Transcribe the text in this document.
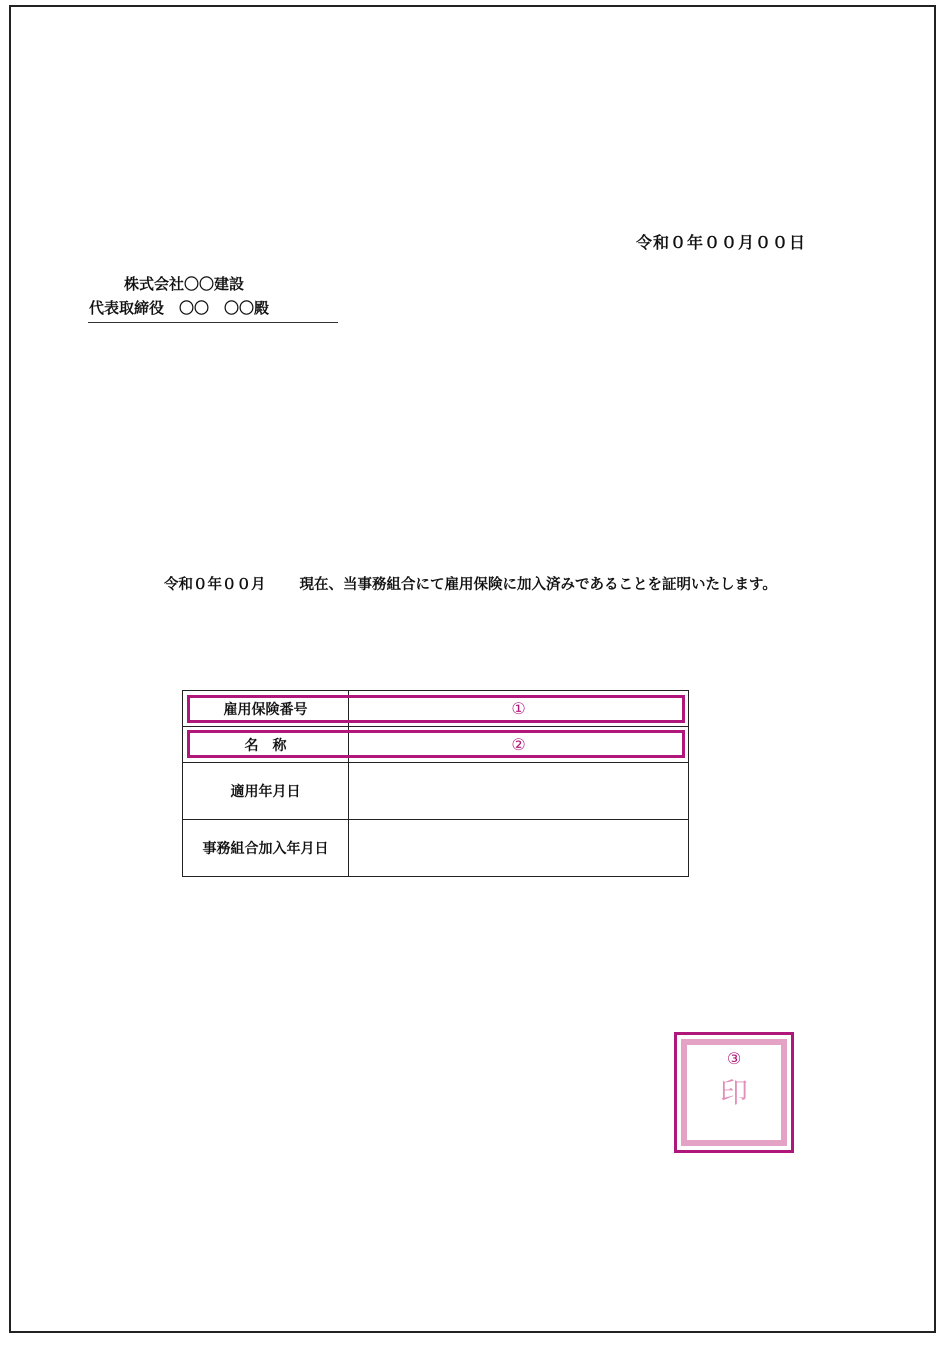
令和０年００月００日
株式会社〇〇建設
代表取締役　〇〇　〇〇殿
令和０年００月 現在、当事務組合にて雇用保険に加入済みであることを証明いたします。
雇用保険番号	①
名　称	②
適用年月日	
事務組合加入年月日	
③
印
